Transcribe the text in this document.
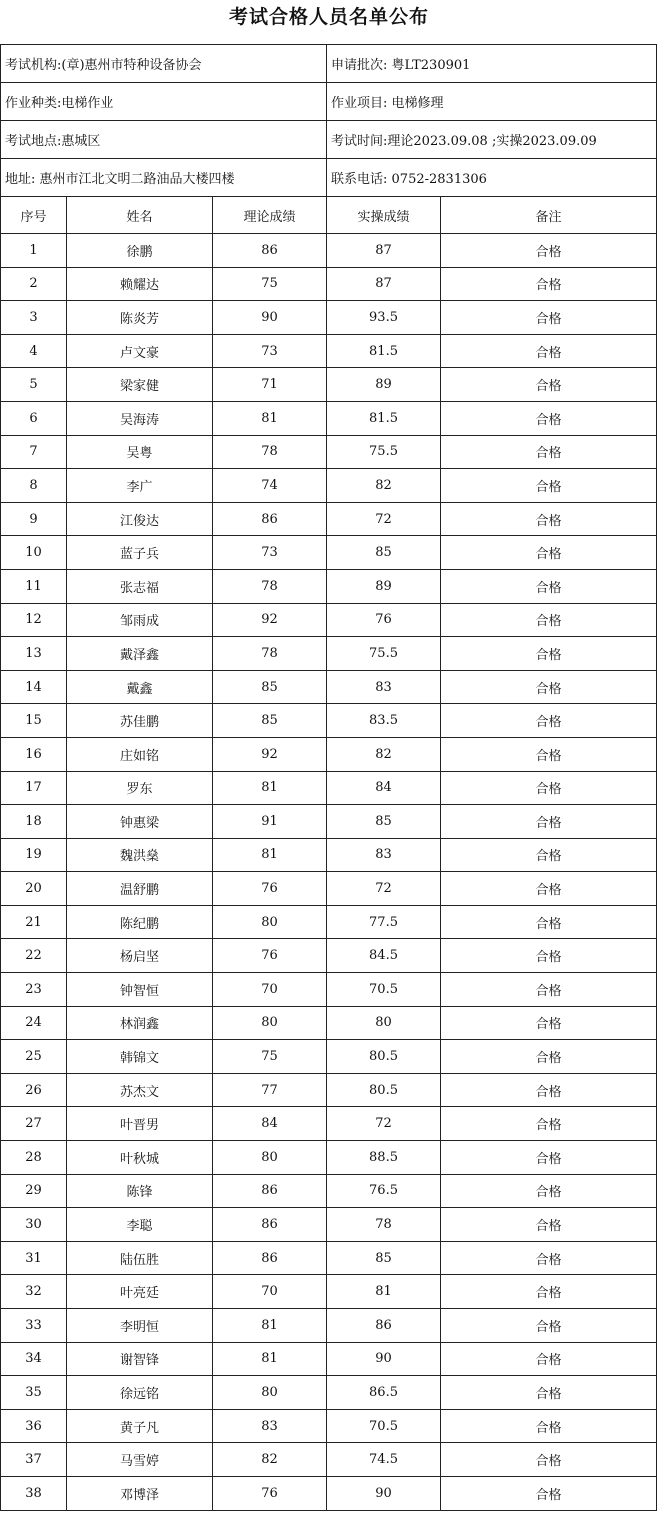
考试合格人员名单公布
考试机构:(章)惠州市特种设备协会			申请批次: 粤LT230901	
作业种类:电梯作业			作业项目: 电梯修理	
考试地点:惠城区			考试时间:理论2023.09.08 ;实操2023.09.09	
地址: 惠州市江北文明二路油品大楼四楼			联系电话: 0752-2831306	
序号	姓名	理论成绩	实操成绩	备注
1	徐鹏	86	87	合格
2	赖耀达	75	87	合格
3	陈炎芳	90	93.5	合格
4	卢文豪	73	81.5	合格
5	梁家健	71	89	合格
6	吴海涛	81	81.5	合格
7	吴粤	78	75.5	合格
8	李广	74	82	合格
9	江俊达	86	72	合格
10	蓝子兵	73	85	合格
11	张志福	78	89	合格
12	邹雨成	92	76	合格
13	戴泽鑫	78	75.5	合格
14	戴鑫	85	83	合格
15	苏佳鹏	85	83.5	合格
16	庄如铭	92	82	合格
17	罗东	81	84	合格
18	钟惠梁	91	85	合格
19	魏洪燊	81	83	合格
20	温舒鹏	76	72	合格
21	陈纪鹏	80	77.5	合格
22	杨启坚	76	84.5	合格
23	钟智恒	70	70.5	合格
24	林润鑫	80	80	合格
25	韩锦文	75	80.5	合格
26	苏杰文	77	80.5	合格
27	叶晋男	84	72	合格
28	叶秋城	80	88.5	合格
29	陈锋	86	76.5	合格
30	李聪	86	78	合格
31	陆伍胜	86	85	合格
32	叶亮廷	70	81	合格
33	李明恒	81	86	合格
34	谢智锋	81	90	合格
35	徐远铭	80	86.5	合格
36	黄子凡	83	70.5	合格
37	马雪婷	82	74.5	合格
38	邓博泽	76	90	合格
